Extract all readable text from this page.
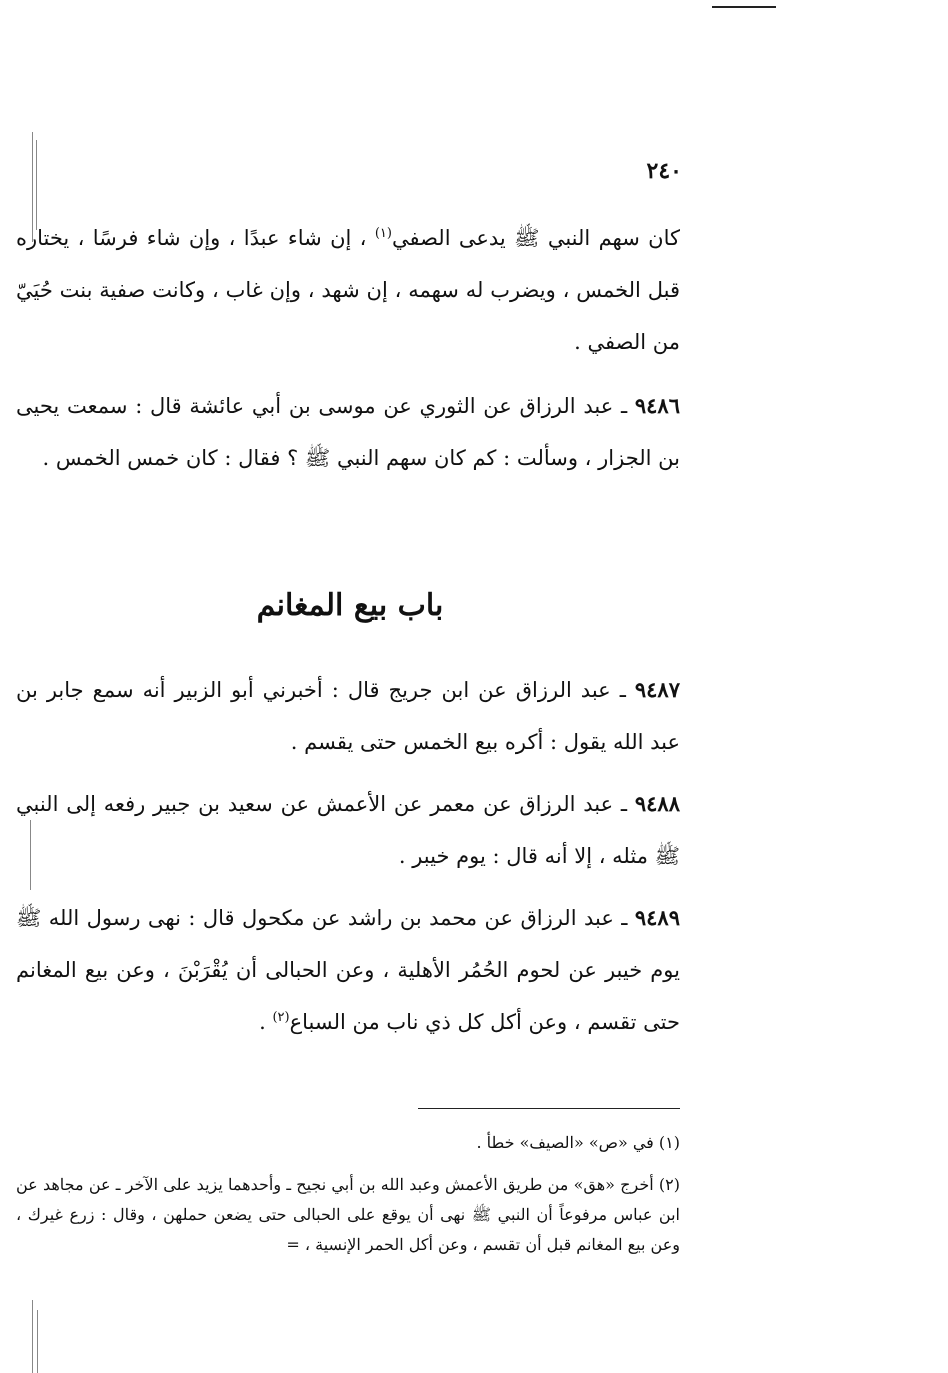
٢٤٠

كان سهم النبي ﷺ يدعى الصفي$^{(١)}$ ، إن شاء عبدًا ، وإن شاء فرسًا ، يختاره قبل الخمس ، ويضرب له سهمه ، إن شهد ، وإن غاب ، وكانت صفية بنت حُيَيّ من الصفي .

٩٤٨٦ ـ عبد الرزاق عن الثوري عن موسى بن أبي عائشة قال : سمعت يحيى بن الجزار ، وسألت : كم كان سهم النبي ﷺ ؟ فقال : كان خمس الخمس .

باب بيع المغانم

٩٤٨٧ ـ عبد الرزاق عن ابن جريج قال : أخبرني أبو الزبير أنه سمع جابر بن عبد الله يقول : أكره بيع الخمس حتى يقسم .

٩٤٨٨ ـ عبد الرزاق عن معمر عن الأعمش عن سعيد بن جبير رفعه إلى النبي ﷺ مثله ، إلا أنه قال : يوم خيبر .

٩٤٨٩ ـ عبد الرزاق عن محمد بن راشد عن مكحول قال : نهى رسول الله ﷺ يوم خيبر عن لحوم الحُمُر الأهلية ، وعن الحبالى أن يُقْرَبْنَ ، وعن بيع المغانم حتى تقسم ، وعن أكل كل ذي ناب من السباع$^{(٢)}$ .

(١) في «ص» «الصيف» خطأ .

(٢) أخرج «هق» من طريق الأعمش وعبد الله بن أبي نجيح ـ وأحدهما يزيد على الآخر ـ عن مجاهد عن ابن عباس مرفوعاً أن النبي ﷺ نهى أن يوقع على الحبالى حتى يضعن حملهن ، وقال : زرع غيرك ، وعن بيع المغانم قبل أن تقسم ، وعن أكل الحمر الإنسية ، =
